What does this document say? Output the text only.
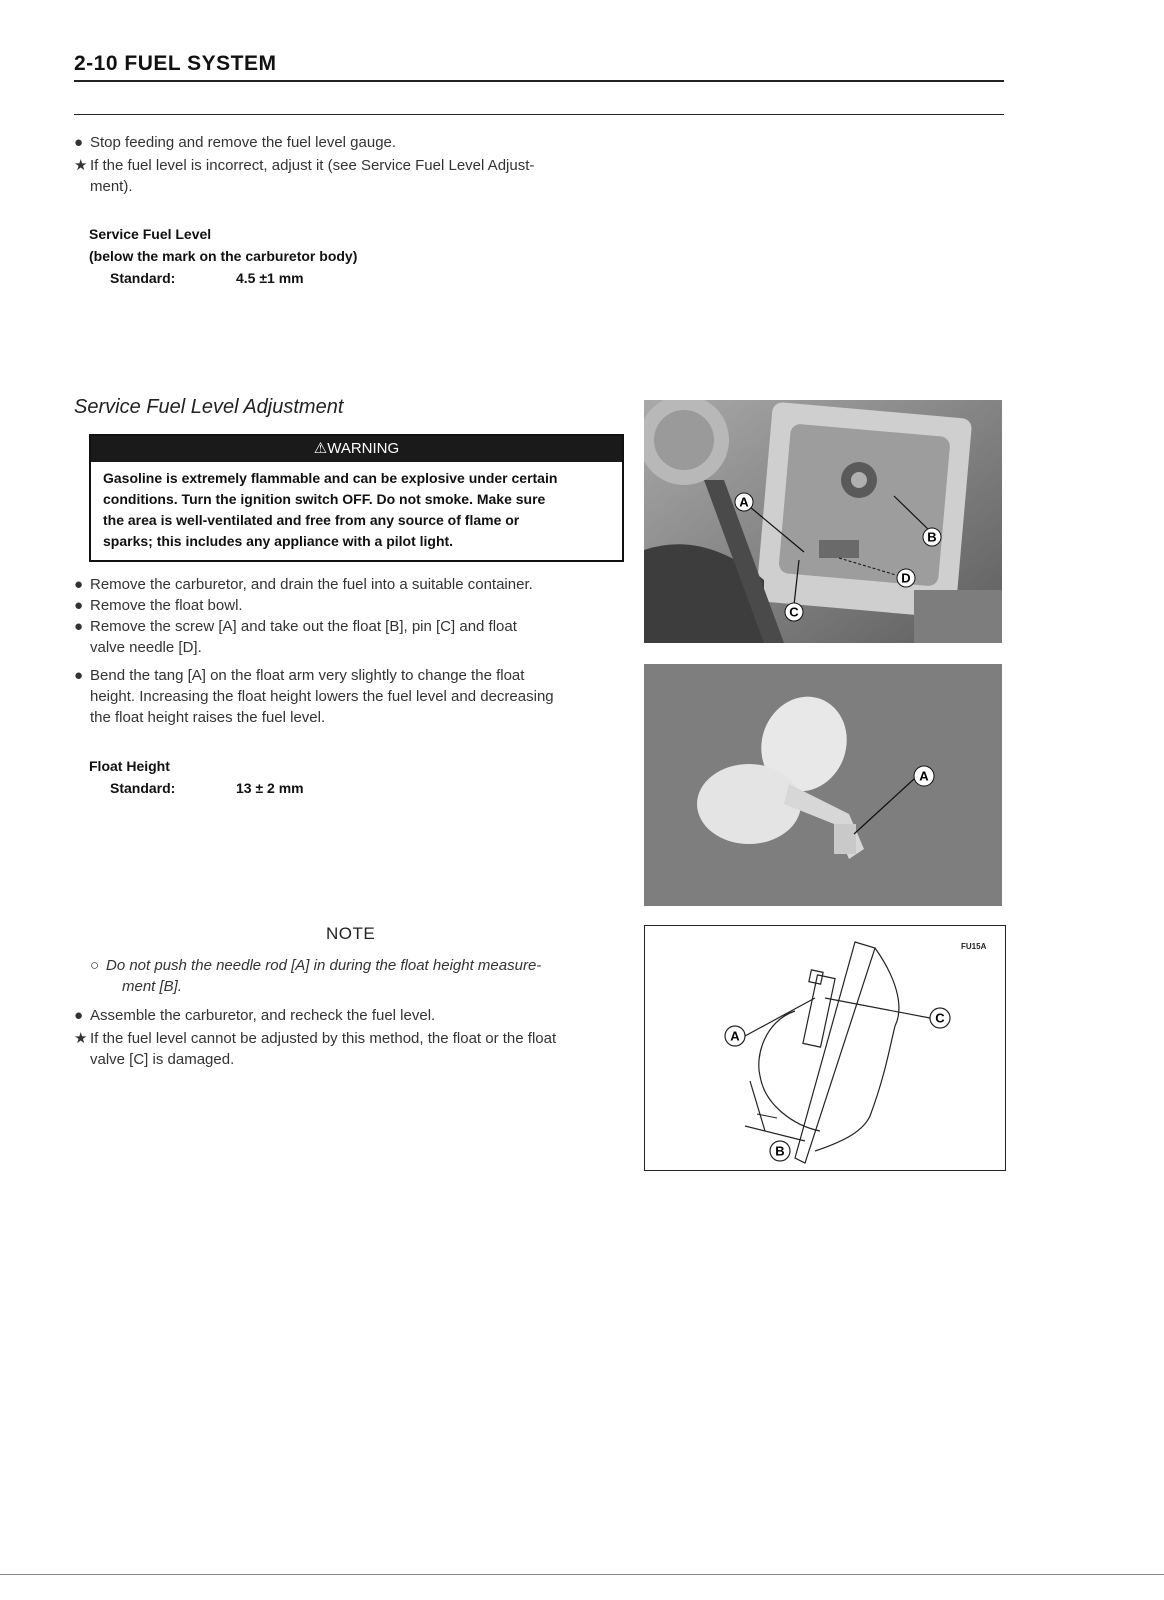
2-10 FUEL SYSTEM
● Stop feeding and remove the fuel level gauge.
★ If the fuel level is incorrect, adjust it (see Service Fuel Level Adjust-
ment).
Service Fuel Level
(below the mark on the carburetor body)
Standard:	4.5 ±1 mm
Service Fuel Level Adjustment
⚠WARNING
Gasoline is extremely flammable and can be explosive under certain
conditions. Turn the ignition switch OFF. Do not smoke. Make sure
the area is well-ventilated and free from any source of flame or
sparks; this includes any appliance with a pilot light.
● Remove the carburetor, and drain the fuel into a suitable container.
● Remove the float bowl.
● Remove the screw [A] and take out the float [B], pin [C] and float
valve needle [D].
● Bend the tang [A] on the float arm very slightly to change the float
height. Increasing the float height lowers the fuel level and decreasing
the float height raises the fuel level.
Float Height
Standard:	13 ± 2 mm
NOTE
○ Do not push the needle rod [A] in during the float height measure-
ment [B].
● Assemble the carburetor, and recheck the fuel level.
★ If the fuel level cannot be adjusted by this method, the float or the float
valve [C] is damaged.
A
B
C
D
A
FU15A
A
B
C
